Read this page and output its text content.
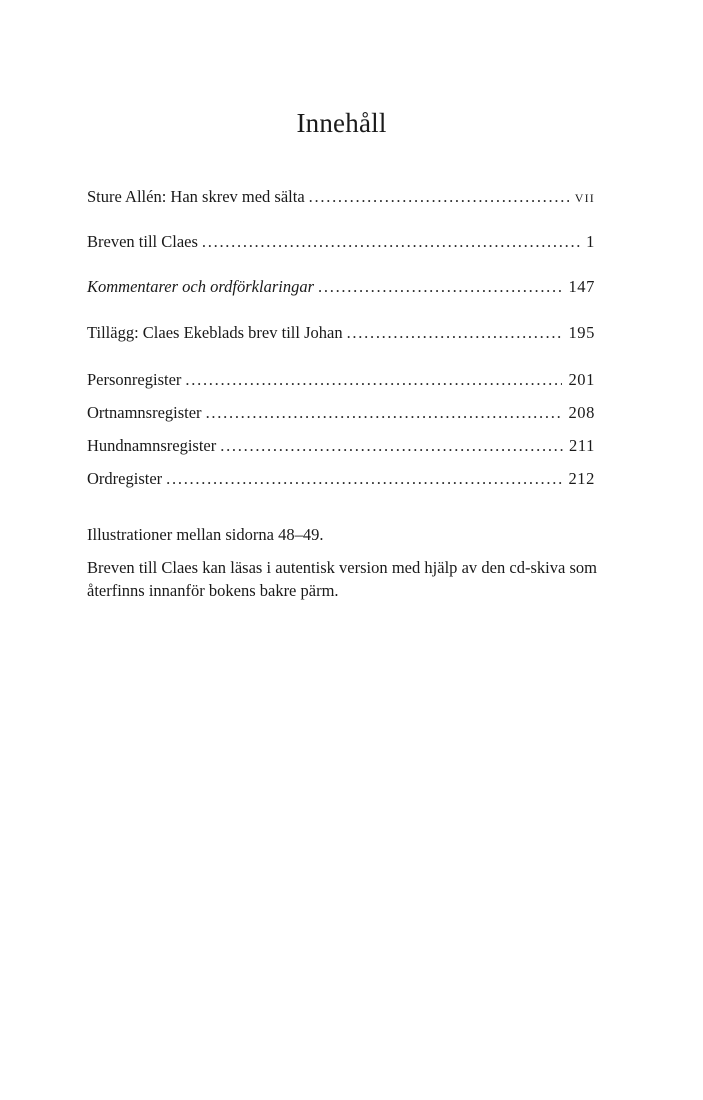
Innehåll
Sture Allén: Han skrev med sälta . . .	vii
Breven till Claes . . .	1
Kommentarer och ordförklaringar . . .	147
Tillägg: Claes Ekeblads brev till Johan . . .	195
Personregister . . .	201
Ortnamnsregister . . .	208
Hundnamnsregister . . .	211
Ordregister . . .	212
Illustrationer mellan sidorna 48–49.
Breven till Claes kan läsas i autentisk version med hjälp av den cd-skiva som återfinns innanför bokens bakre pärm.
